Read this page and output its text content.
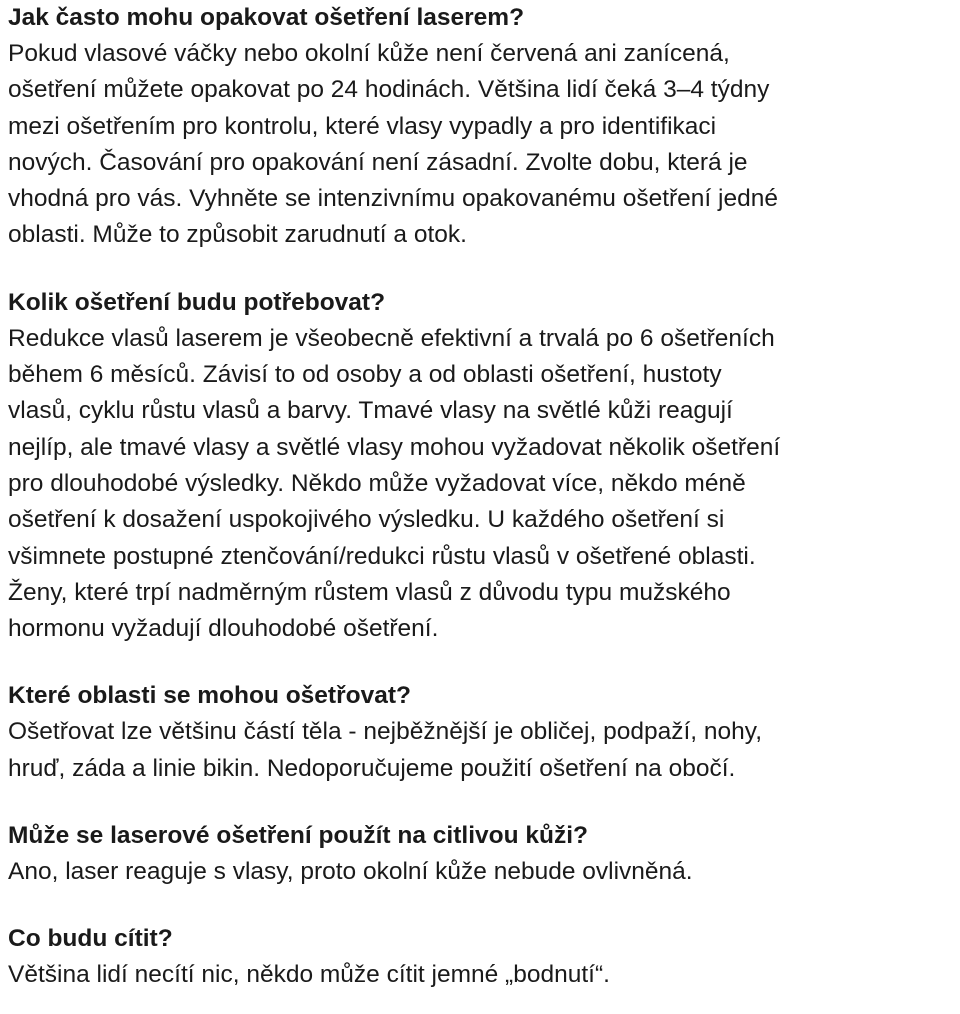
Jak často mohu opakovat ošetření laserem?

Pokud vlasové váčky nebo okolní kůže není červená ani zanícená,
ošetření můžete opakovat po 24 hodinách. Většina lidí čeká 3–4 týdny
mezi ošetřením pro kontrolu, které vlasy vypadly a pro identifikaci
nových. Časování pro opakování není zásadní. Zvolte dobu, která je
vhodná pro vás. Vyhněte se intenzivnímu opakovanému ošetření jedné
oblasti. Může to způsobit zarudnutí a otok.

Kolik ošetření budu potřebovat?

Redukce vlasů laserem je všeobecně efektivní a trvalá po 6 ošetřeních
během 6 měsíců. Závisí to od osoby a od oblasti ošetření, hustoty
vlasů, cyklu růstu vlasů a barvy. Tmavé vlasy na světlé kůži reagují
nejlíp, ale tmavé vlasy a světlé vlasy mohou vyžadovat několik ošetření
pro dlouhodobé výsledky. Někdo může vyžadovat více, někdo méně
ošetření k dosažení uspokojivého výsledku. U každého ošetření si
všimnete postupné ztenčování/redukci růstu vlasů v ošetřené oblasti.
Ženy, které trpí nadměrným růstem vlasů z důvodu typu mužského
hormonu vyžadují dlouhodobé ošetření.

Které oblasti se mohou ošetřovat?

Ošetřovat lze většinu částí těla - nejběžnější je obličej, podpaží, nohy,
hruď, záda a linie bikin. Nedoporučujeme použití ošetření na obočí.

Může se laserové ošetření použít na citlivou kůži?

Ano, laser reaguje s vlasy, proto okolní kůže nebude ovlivněná.

Co budu cítit?

Většina lidí necítí nic, někdo může cítit jemné „bodnutí“.
